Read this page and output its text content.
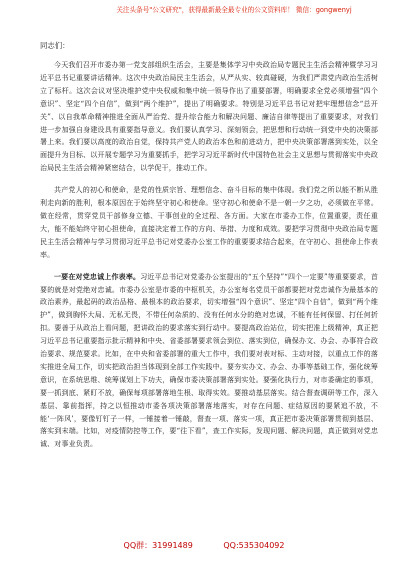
关注头条号"公文研究"，获得最新最全最专业的公文资料库！ 微信：gongwenyj

同志们：

今天我们召开市委办第一党支部组织生活会，主要是集体学习中央政治局专题民主生活会精神暨学习习近平总书记重要讲话精神。这次中央政治局民主生活会，从严从实、较真碰硬，为我们严肃党内政治生活树立了标杆。这次会议对坚决维护党中央权威和集中统一领导作出了重要部署，明确要求全党必须增强“四个意识”、坚定“四个自信”，做到“两个维护”，提出了明确要求。特别是习近平总书记对把牢理想信念“总开关”、以自我革命精神推进全面从严治党、提升综合能力和解决问题、廉洁自律等提出了重要要求，对我们进一步加强自身建设具有重要指导意义。我们要认真学习、深刻领会，把思想和行动统一到党中央的决策部署上来。我们要以高度的政治自觉，保持共产党人的政治本色和前进动力，把中央决策部署落到实处，以全面提升为目标、以开展专题学习为重要抓手，把学习习近平新时代中国特色社会主义思想与贯彻落实中央政治局民主生活会精神紧密结合，以学促干，推动工作。

共产党人的初心和使命，是党的性质宗旨、理想信念、奋斗目标的集中体现。我们党之所以能不断从胜利走向新的胜利，根本原因在于始终坚守初心和使命。坚守初心和使命不是一朝一夕之功，必须做在平常。做在经常，贯穿党员干部修身立德、干事创业的全过程、各方面。大家在市委办工作，位置重要，责任重大，能不能始终守初心担使命，直接决定着工作的方向、举措、力度和成效。要把学习贯彻中央政治局专题民主生活会精神与学习贯彻习近平总书记对党委办公室工作的重要要求结合起来，在守初心、担使命上作表率。

一要在对党忠诚上作表率。习近平总书记对党委办公室提出的“五个坚持”“四个一定要”等重要要求，首要的就是对党绝对忠诚。市委办公室是市委的中枢机关，办公室每名党员干部都要把对党忠诚作为最基本的政治素养，最起码的政治品格、最根本的政治要求，切实增强“四个意识”、坚定“四个自信”，做到“两个维护”，做到胸怀大局、无私无畏，不带任何杂质的、没有任何水分的绝对忠诚，不能有任何保留、打任何折扣。要善于从政治上看问题，把讲政治的要求落实到行动中。要提高政治站位，切实把准上级精神，真正把习近平总书记重要指示批示精神和中央、省委部署要求领会到位、落实到位，确保办文、办会、办事符合政治要求、规范要求。比如，在中央和省委部署的重大工作中，我们要对表对标、主动对接，以重点工作的落实推进全局工作，切实把政治担当体现到全部工作实践中。要夯实办文、办会、办事等基础工作，强化统筹意识，在系统思维、统筹谋划上下功夫，确保市委决策部署落到实处。要强化执行力，对市委确定的事项，要一抓到底、紧盯不放，确保每项部署落地生根、取得实效。要推动基层落实。结合督查调研等工作，深入基层、靠前指挥，持之以恒推动市委各项决策部署落地落实，对存在问题、症结原因的要紧追不放，不能‘一阵风’，要像钉钉子一样，一锤接着一锤敲，督查一项、落实一项，真正把市委决策部署贯彻到基层、落实到末端。比如，对疫情防控等工作，要“往下看”，查工作实际，发现问题、解决问题，真正做到对党忠诚、对事业负责。

QQ群：31991489	QQ:535304092
